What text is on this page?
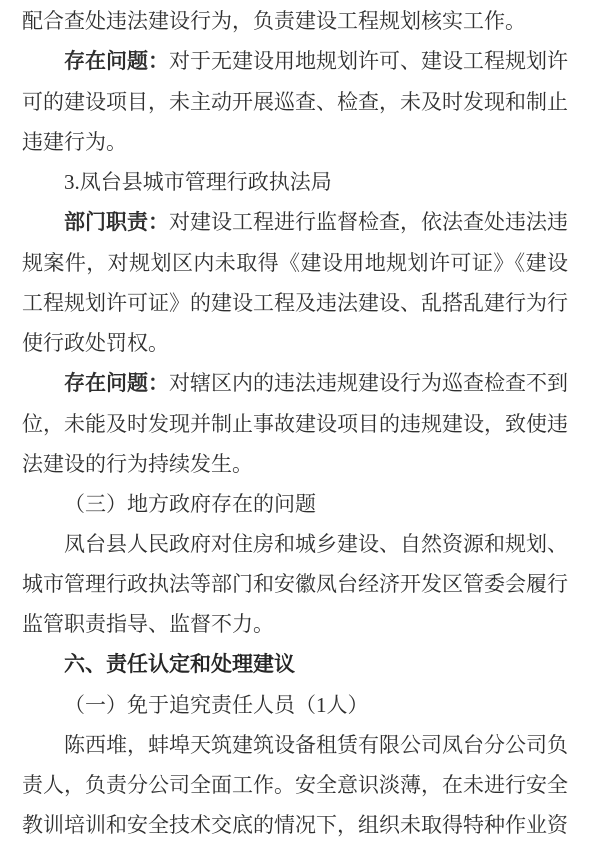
配合查处违法建设行为，负责建设工程规划核实工作。

存在问题：对于无建设用地规划许可、建设工程规划许可的建设项目，未主动开展巡查、检查，未及时发现和制止违建行为。

3.凤台县城市管理行政执法局

部门职责：对建设工程进行监督检查，依法查处违法违规案件，对规划区内未取得《建设用地规划许可证》《建设工程规划许可证》的建设工程及违法建设、乱搭乱建行为行使行政处罚权。

存在问题：对辖区内的违法违规建设行为巡查检查不到位，未能及时发现并制止事故建设项目的违规建设，致使违法建设的行为持续发生。

（三）地方政府存在的问题

凤台县人民政府对住房和城乡建设、自然资源和规划、城市管理行政执法等部门和安徽凤台经济开发区管委会履行监管职责指导、监督不力。

六、责任认定和处理建议

（一）免于追究责任人员（1人）

陈西堆，蚌埠天筑建筑设备租赁有限公司凤台分公司负责人，负责分公司全面工作。安全意识淡薄，在未进行安全教训培训和安全技术交底的情况下，组织未取得特种作业资
